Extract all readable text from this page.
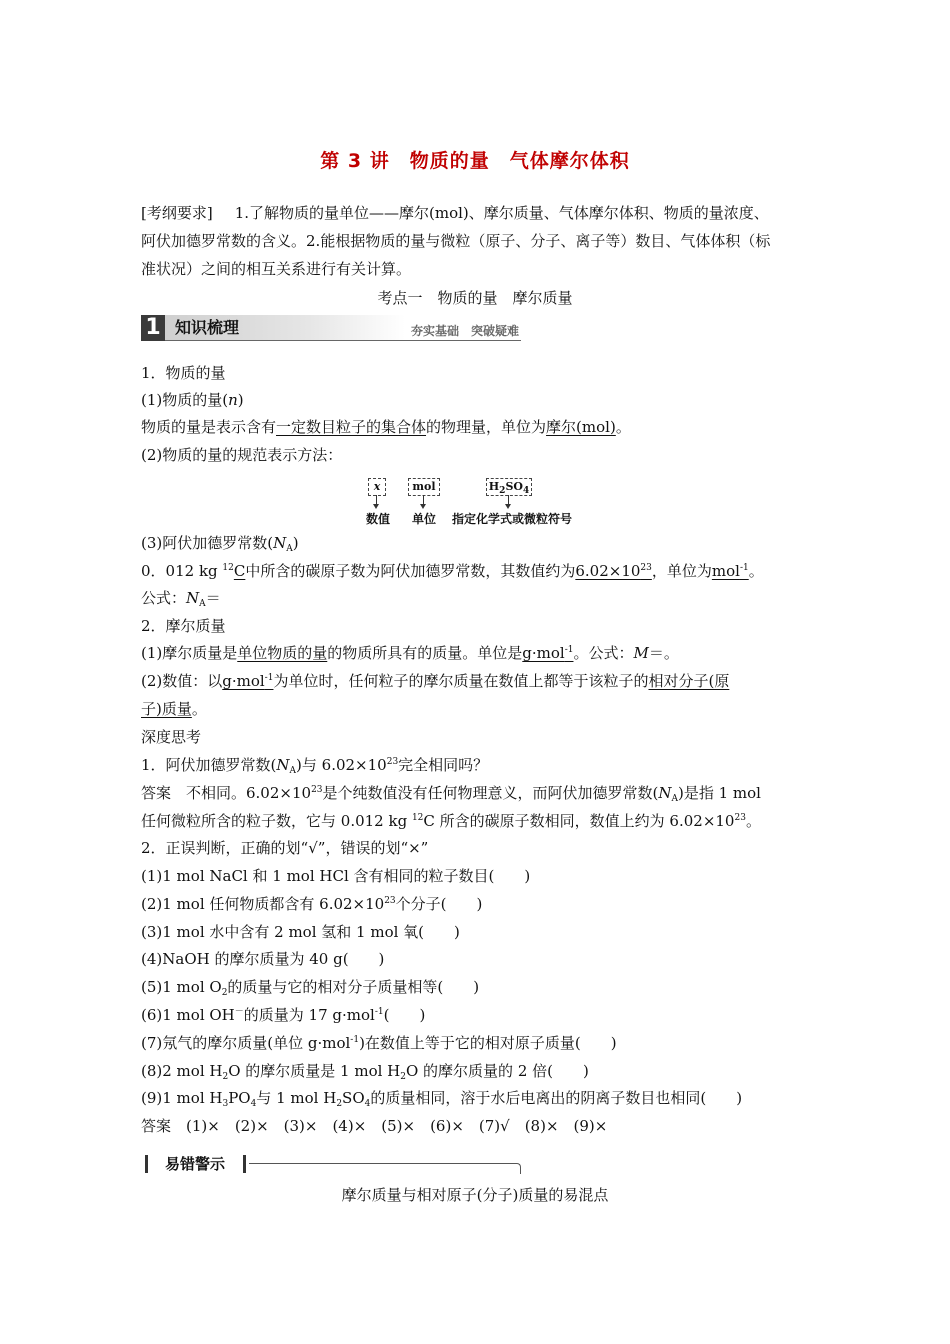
第 3 讲　物质的量　气体摩尔体积
[考纲要求] 1.了解物质的量单位——摩尔(mol)、摩尔质量、气体摩尔体积、物质的量浓度、
阿伏加德罗常数的含义。2.能根据物质的量与微粒（原子、分子、离子等）数目、气体体积（标
准状况）之间的相互关系进行有关计算。
考点一　物质的量　摩尔质量
1 知识梳理	夯实基础　突破疑难
1．物质的量
(1)物质的量(n)
物质的量是表示含有一定数目粒子的集合体的物理量，单位为摩尔(mol)。
(2)物质的量的规范表示方法：
x	mol	$H_2SO_4$
数值 单位 指定化学式或微粒符号
(3)阿伏加德罗常数$(N_A)$
0．012 kg $^{12}$C中所含的碳原子数为阿伏加德罗常数，其数值约为$6.02\times 10^{23}$，单位为mol$^{-1}$。
公式：$N_A=$
2．摩尔质量
(1)摩尔质量是单位物质的量的物质所具有的质量。单位是g·mol$^{-1}$。公式：M＝。
(2)数值：以g·mol$^{-1}$为单位时，任何粒子的摩尔质量在数值上都等于该粒子的相对分子(原
子)质量。
深度思考
1．阿伏加德罗常数$(N_A)$与 $6.02\times 10^{23}$完全相同吗？
答案　不相同。$6.02\times 10^{23}$是个纯数值没有任何物理意义，而阿伏加德罗常数$(N_A)$是指 1 mol
任何微粒所含的粒子数，它与 0.012 kg $^{12}$C 所含的碳原子数相同，数值上约为 $6.02\times 10^{23}$。
2．正误判断，正确的划“√”，错误的划“×”
(1)1 mol NaCl 和 1 mol HCl 含有相同的粒子数目(　　)
(2)1 mol 任何物质都含有 $6.02\times 10^{23}$个分子(　　)
(3)1 mol 水中含有 2 mol 氢和 1 mol 氧(　　)
(4)NaOH 的摩尔质量为 40 g(　　)
(5)1 mol $O_2$的质量与它的相对分子质量相等(　　)
(6)1 mol OH－的质量为 17 g·mol$^{-1}$(　　)
(7)氖气的摩尔质量(单位 g·mol$^{-1}$)在数值上等于它的相对原子质量(　　)
(8)2 mol $H_2O$ 的摩尔质量是 1 mol $H_2O$ 的摩尔质量的 2 倍(　　)
(9)1 mol $H_3PO_4$与 1 mol $H_2SO_4$的质量相同，溶于水后电离出的阴离子数目也相同(　　)
答案　(1)×　(2)×　(3)×　(4)×　(5)×　(6)×　(7)√　(8)×　(9)×
易错警示
摩尔质量与相对原子(分子)质量的易混点
